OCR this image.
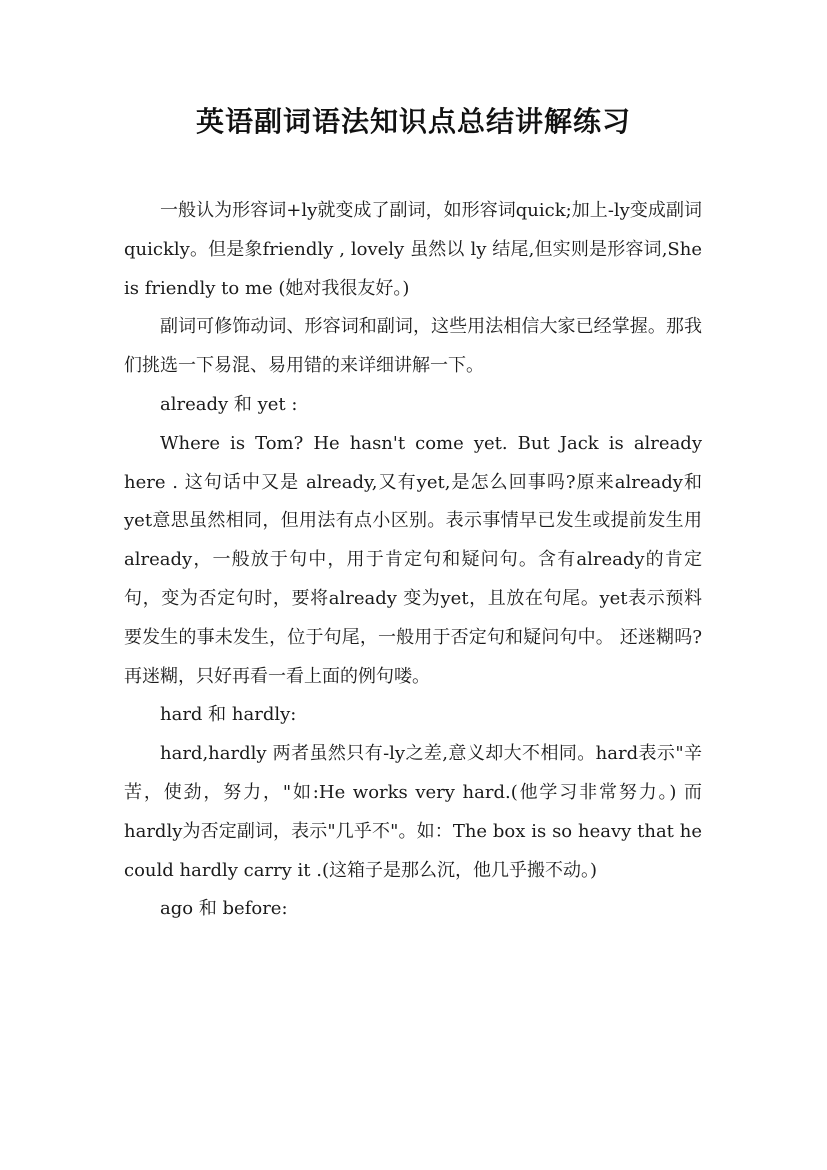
英语副词语法知识点总结讲解练习

一般认为形容词+ly就变成了副词，如形容词quick;加上-ly变成副词quickly。但是象friendly , lovely 虽然以 ly 结尾,但实则是形容词,She is friendly to me (她对我很友好。)

副词可修饰动词、形容词和副词，这些用法相信大家已经掌握。那我们挑选一下易混、易用错的来详细讲解一下。

already 和 yet :

Where is Tom? He hasn't come yet. But Jack is already here . 这句话中又是 already,又有yet,是怎么回事吗?原来already和yet意思虽然相同，但用法有点小区别。表示事情早已发生或提前发生用 already，一般放于句中，用于肯定句和疑问句。含有already的肯定句，变为否定句时，要将already 变为yet，且放在句尾。yet表示预料要发生的事未发生，位于句尾，一般用于否定句和疑问句中。 还迷糊吗?再迷糊，只好再看一看上面的例句喽。

hard 和 hardly:

hard,hardly 两者虽然只有-ly之差,意义却大不相同。hard表示"辛苦，使劲，努力，"如:He works very hard.(他学习非常努力。) 而hardly为否定副词，表示"几乎不"。如：The box is so heavy that he could hardly carry it .(这箱子是那么沉，他几乎搬不动。)

ago 和 before:
